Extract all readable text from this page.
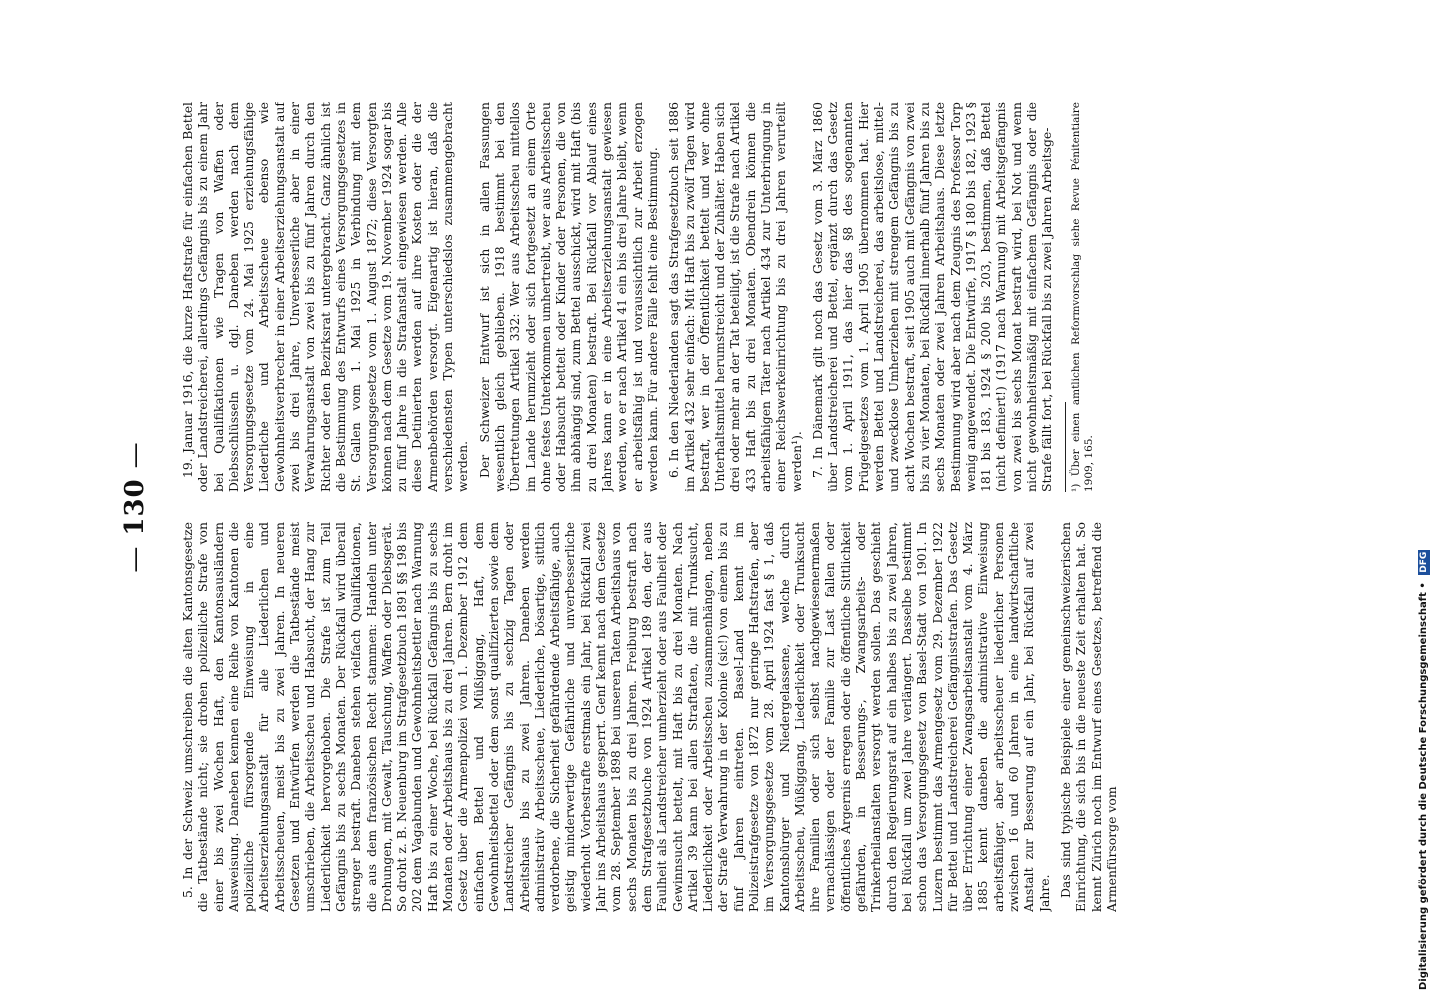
— 130 —

5. In der Schweiz umschreiben die alten Kantonsgesetze die Tatbestände nicht; sie drohen polizeiliche Strafe von einer bis zwei Wochen Haft, den Kantonsausländern Ausweisung. Daneben kennen eine Reihe von Kantonen die polizeiliche fürsorgende Einweisung in eine Arbeitserziehungsanstalt für alle Liederlichen und Arbeitsscheuen, meist bis zu zwei Jahren. In neueren Gesetzen und Entwürfen werden die Tatbestände meist umschrieben, die Arbeitsscheu und Habsucht, der Hang zur Liederlichkeit hervorgehoben. Die Strafe ist zum Teil Gefängnis bis zu sechs Monaten. Der Rückfall wird überall strenger bestraft. Daneben stehen vielfach Qualifikationen, die aus dem französischen Recht stammen: Handeln unter Drohungen, mit Gewalt, Täuschung, Waffen oder Diebsgerät. So droht z. B. Neuenburg im Strafgesetzbuch 1891 §§ 198 bis 202 dem Vagabunden und Gewohnheitsbettler nach Warnung Haft bis zu einer Woche, bei Rückfall Gefängnis bis zu sechs Monaten oder Arbeitshaus bis zu drei Jahren. Bern droht im Gesetz über die Armenpolizei vom 1. Dezember 1912 dem einfachen Bettel und Müßiggang, Haft, dem Gewohnheitsbettel oder dem sonst qualifizierten sowie dem Landstreicher Gefängnis bis zu sechzig Tagen oder Arbeitshaus bis zu zwei Jahren. Daneben werden administrativ Arbeitsscheue, Liederliche, bösartige, sittlich verdorbene, die Sicherheit gefährdende Arbeitsfähige, auch geistig minderwertige Gefährliche und unverbesserliche wiederholt Vorbestrafte erstmals ein Jahr, bei Rückfall zwei Jahr ins Arbeitshaus gesperrt. Genf kennt nach dem Gesetze vom 28. September 1898 bei unseren Taten Arbeitshaus von sechs Monaten bis zu drei Jahren. Freiburg bestraft nach dem Strafgesetzbuche von 1924 Artikel 189 den, der aus Faulheit als Landstreicher umherzieht oder aus Faulheit oder Gewinnsucht bettelt, mit Haft bis zu drei Monaten. Nach Artikel 39 kann bei allen Straftaten, die mit Trunksucht, Liederlichkeit oder Arbeitsscheu zusammenhängen, neben der Strafe Verwahrung in der Kolonie (sic!) von einem bis zu fünf Jahren eintreten. Basel-Land kennt im Polizeistrafgesetze von 1872 nur geringe Haftstrafen, aber im Versorgungsgesetze vom 28. April 1924 fast § 1, daß Kantonsbürger und Niedergelassene, welche durch Arbeitsscheu, Müßiggang, Liederlichkeit oder Trunksucht ihre Familien oder sich selbst nachgewiesenermaßen vernachlässigen oder der Familie zur Last fallen oder öffentliches Ärgernis erregen oder die öffentliche Sittlichkeit gefährden, in Besserungs-, Zwangsarbeits- oder Trinkerheilanstalten versorgt werden sollen. Das geschieht durch den Regierungsrat auf ein halbes bis zu zwei Jahren, bei Rückfall um zwei Jahre verlängert. Dasselbe bestimmt schon das Versorgungsgesetz von Basel-Stadt von 1901. In Luzern bestimmt das Armengesetz vom 29. Dezember 1922 für Bettel und Landstreicherei Gefängnisstrafen. Das Gesetz über Errichtung einer Zwangsarbeitsanstalt vom 4. März 1885 kennt daneben die administrative Einweisung arbeitsfähiger, aber arbeitsscheuer liederlicher Personen zwischen 16 und 60 Jahren in eine landwirtschaftliche Anstalt zur Besserung auf ein Jahr, bei Rückfall auf zwei Jahre. Das sind typische Beispiele einer gemeinschweizerischen Einrichtung, die sich bis in die neueste Zeit erhalten hat. So kennt Zürich noch im Entwurf eines Gesetzes, betreffend die Armenfürsorge vom

19. Januar 1916, die kurze Haftstrafe für einfachen Bettel oder Landstreicherei, allerdings Gefängnis bis zu einem Jahr bei Qualifikationen wie Tragen von Waffen oder Diebsschlüsseln u. dgl. Daneben werden nach dem Versorgungsgesetze vom 24. Mai 1925 erziehungsfähige Liederliche und Arbeitsscheue ebenso wie Gewohnheitsverbrecher in einer Arbeitserziehungsanstalt auf zwei bis drei Jahre, Unverbesserliche aber in einer Verwahrungsanstalt von zwei bis zu fünf Jahren durch den Richter oder den Bezirksrat untergebracht. Ganz ähnlich ist die Bestimmung des Entwurfs eines Versorgungsgesetzes in St. Gallen vom 1. Mai 1925 in Verbindung mit dem Versorgungsgesetze vom 1. August 1872; diese Versorgten können nach dem Gesetze vom 19. November 1924 sogar bis zu fünf Jahre in die Strafanstalt eingewiesen werden. Alle diese Detinierten werden auf ihre Kosten oder die der Armenbehörden versorgt. Eigenartig ist hieran, daß die verschiedensten Typen unterschiedslos zusammengebracht werden. Der Schweizer Entwurf ist sich in allen Fassungen wesentlich gleich geblieben. 1918 bestimmt bei den Übertretungen Artikel 332: Wer aus Arbeitsscheu mittellos im Lande herumzieht oder sich fortgesetzt an einem Orte ohne festes Unterkommen umhertreibt, wer aus Arbeitsscheu oder Habsucht bettelt oder Kinder oder Personen, die von ihm abhängig sind, zum Bettel ausschickt, wird mit Haft (bis zu drei Monaten) bestraft. Bei Rückfall vor Ablauf eines Jahres kann er in eine Arbeitserziehungsanstalt gewiesen werden, wo er nach Artikel 41 ein bis drei Jahre bleibt, wenn er arbeitsfähig ist und voraussichtlich zur Arbeit erzogen werden kann. Für andere Fälle fehlt eine Bestimmung. 6. In den Niederlanden sagt das Strafgesetzbuch seit 1886 im Artikel 432 sehr einfach: Mit Haft bis zu zwölf Tagen wird bestraft, wer in der Öffentlichkeit bettelt und wer ohne Unterhaltsmittel herumstreicht und der Zuhälter. Haben sich drei oder mehr an der Tat beteiligt, ist die Strafe nach Artikel 433 Haft bis zu drei Monaten. Obendrein können die arbeitsfähigen Täter nach Artikel 434 zur Unterbringung in einer Reichswerkeinrichtung bis zu drei Jahren verurteilt werden¹). 7. In Dänemark gilt noch das Gesetz vom 3. März 1860 über Landstreicherei und Bettel, ergänzt durch das Gesetz vom 1. April 1911, das hier das §8 des sogenannten Prügelgesetzes vom 1. April 1905 übernommen hat. Hier werden Bettel und Landstreicherei, das arbeitslose, mittel- und zwecklose Umherziehen mit strengem Gefängnis bis zu acht Wochen bestraft, seit 1905 auch mit Gefängnis von zwei bis zu vier Monaten, bei Rückfall innerhalb fünf Jahren bis zu sechs Monaten oder zwei Jahren Arbeitshaus. Diese letzte Bestimmung wird aber nach dem Zeugnis des Professor Torp wenig angewendet. Die Entwürfe, 1917 § 180 bis 182, 1923 § 181 bis 183, 1924 § 200 bis 203, bestimmen, daß Bettel (nicht definiert!) (1917 nach Warnung) mit Arbeitsgefängnis von zwei bis sechs Monat bestraft wird, bei Not und wenn nicht gewohnheitsmäßig mit einfachem Gefängnis oder die Strafe fällt fort, bei Rückfall bis zu zwei Jahren Arbeitsge- ¹) Über einen amtlichen Reformvorschlag siehe Revue Pénitentiaire 1909, 165.
Digitalisierung gefördert durch die Deutsche Forschungsgemeinschaft • DFG
